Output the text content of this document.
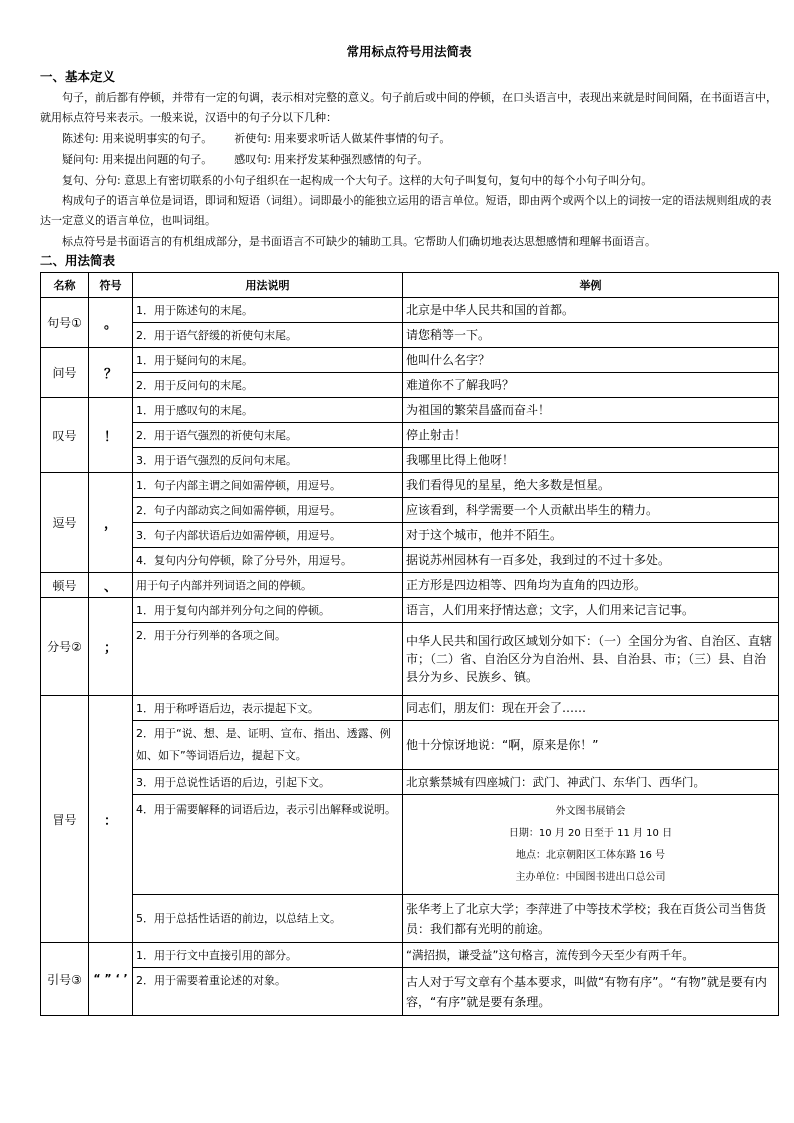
常用标点符号用法简表
一、基本定义

句子，前后都有停顿，并带有一定的句调，表示相对完整的意义。句子前后或中间的停顿，在口头语言中，表现出来就是时间间隔，在书面语言中，就用标点符号来表示。一般来说，汉语中的句子分以下几种：

陈述句: 用来说明事实的句子。 祈使句: 用来要求听话人做某件事情的句子。
疑问句: 用来提出问题的句子。 感叹句: 用来抒发某种强烈感情的句子。

复句、分句: 意思上有密切联系的小句子组织在一起构成一个大句子。这样的大句子叫复句，复句中的每个小句子叫分句。

构成句子的语言单位是词语，即词和短语（词组）。词即最小的能独立运用的语言单位。短语，即由两个或两个以上的词按一定的语法规则组成的表达一定意义的语言单位，也叫词组。

标点符号是书面语言的有机组成部分，是书面语言不可缺少的辅助工具。它帮助人们确切地表达思想感情和理解书面语言。

二、用法简表
名称	符号	用法说明	举例
句号①	。	1．用于陈述句的末尾。	北京是中华人民共和国的首都。
		2．用于语气舒缓的祈使句末尾。	请您稍等一下。
问号	？	1．用于疑问句的末尾。	他叫什么名字？
		2．用于反问句的末尾。	难道你不了解我吗？
叹号	！	1．用于感叹句的末尾。	为祖国的繁荣昌盛而奋斗！
		2．用于语气强烈的祈使句末尾。	停止射击！
		3．用于语气强烈的反问句末尾。	我哪里比得上他呀！
逗号	，	1．句子内部主谓之间如需停顿，用逗号。	我们看得见的星星，绝大多数是恒星。
		2．句子内部动宾之间如需停顿，用逗号。	应该看到，科学需要一个人贡献出毕生的精力。
		3．句子内部状语后边如需停顿，用逗号。	对于这个城市，他并不陌生。
		4．复句内分句停顿，除了分号外，用逗号。	据说苏州园林有一百多处，我到过的不过十多处。
顿号	、	用于句子内部并列词语之间的停顿。	正方形是四边相等、四角均为直角的四边形。
分号②	；	1．用于复句内部并列分句之间的停顿。	语言，人们用来抒情达意；文字，人们用来记言记事。
		2．用于分行列举的各项之间。	中华人民共和国行政区域划分如下：（一）全国分为省、自治区、直辖市；（二）省、自治区分为自治州、县、自治县、市；（三）县、自治县分为乡、民族乡、镇。
冒号	：	1．用于称呼语后边，表示提起下文。	同志们，朋友们：现在开会了……
		2．用于“说、想、是、证明、宣布、指出、透露、例如、如下”等词语后边，提起下文。	他十分惊讶地说：“啊，原来是你！”
		3．用于总说性话语的后边，引起下文。	北京紫禁城有四座城门：武门、神武门、东华门、西华门。
		4．用于需要解释的词语后边，表示引出解释或说明。	外文图书展销会
日期：10 月 20 日至于 11 月 10 日
地点：北京朝阳区工体东路 16 号
主办单位：中国图书进出口总公司

		5．用于总括性话语的前边，以总结上文。	张华考上了北京大学；李萍进了中等技术学校；我在百货公司当售货员：我们都有光明的前途。
引号③	“ ” ‘ ’	1．用于行文中直接引用的部分。	“满招损，谦受益”这句格言，流传到今天至少有两千年。
		2．用于需要着重论述的对象。	古人对于写文章有个基本要求，叫做“有物有序”。“有物”就是要有内容，“有序”就是要有条理。
